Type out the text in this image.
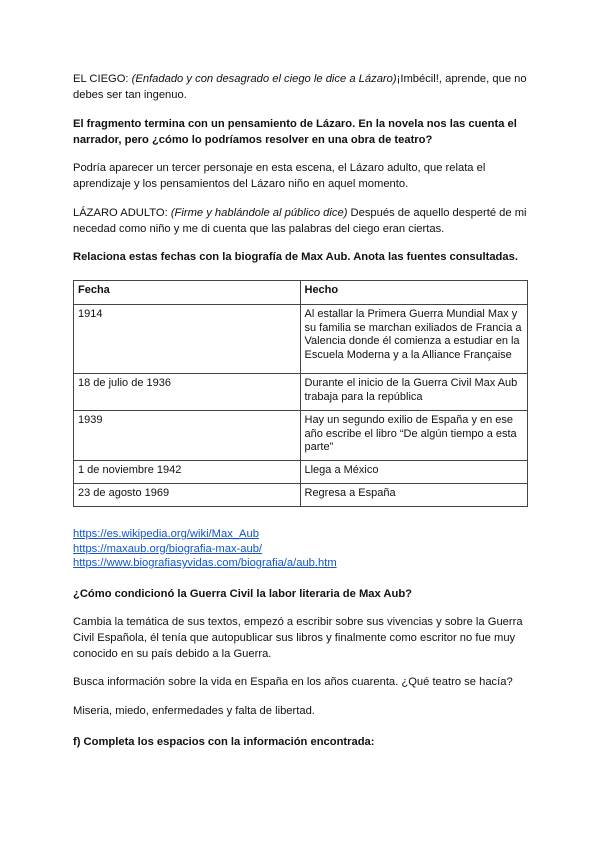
EL CIEGO: (Enfadado y con desagrado el ciego le dice a Lázaro)¡Imbécil!, aprende, que no debes ser tan ingenuo.

El fragmento termina con un pensamiento de Lázaro. En la novela nos las cuenta el narrador, pero ¿cómo lo podríamos resolver en una obra de teatro?

Podría aparecer un tercer personaje en esta escena, el Lázaro adulto, que relata el aprendizaje y los pensamientos del Lázaro niño en aquel momento.

LÁZARO ADULTO: (Firme y hablándole al público dice) Después de aquello desperté de mi necedad como niño y me di cuenta que las palabras del ciego eran ciertas.

Relaciona estas fechas con la biografía de Max Aub. Anota las fuentes consultadas.

Fecha	Hecho
1914	Al estallar la Primera Guerra Mundial Max y su familia se marchan exiliados de Francia a Valencia donde él comienza a estudiar en la Escuela Moderna y a la Alliance Française
18 de julio de 1936	Durante el inicio de la Guerra Civil Max Aub trabaja para la república
1939	Hay un segundo exilio de España y en ese año escribe el libro “De algún tiempo a esta parte”
1 de noviembre 1942	Llega a México
23 de agosto 1969	Regresa a España
https://es.wikipedia.org/wiki/Max_Aub
https://maxaub.org/biografia-max-aub/
https://www.biografiasyvidas.com/biografia/a/aub.htm

¿Cómo condicionó la Guerra Civil la labor literaria de Max Aub?

Cambia la temática de sus textos, empezó a escribir sobre sus vivencias y sobre la Guerra Civil Española, él tenía que autopublicar sus libros y finalmente como escritor no fue muy conocido en su país debido a la Guerra.

Busca información sobre la vida en España en los años cuarenta. ¿Qué teatro se hacía?

Miseria, miedo, enfermedades y falta de libertad.

f) Completa los espacios con la información encontrada:
